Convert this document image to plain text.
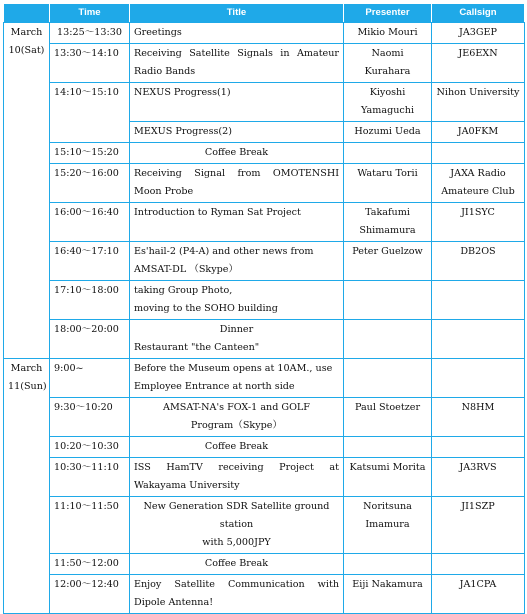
	Time	Title	Presenter	Callsign

March
10(Sat)	13:25～13:30	Greetings	Mikio Mouri	JA3GEP
	13:30～14:10	Receiving Satellite Signals in Amateur Radio Bands	Naomi Kurahara	JE6EXN
	14:10～15:10	NEXUS Progress(1)	Kiyoshi Yamaguchi	Nihon University
		MEXUS Progress(2)	Hozumi Ueda	JA0FKM
	15:10～15:20	Coffee Break		
	15:20～16:00	Receiving Signal from OMOTENSHI Moon Probe	Wataru Torii	JAXA Radio Amateure Club
	16:00～16:40	Introduction to Ryman Sat Project	Takafumi Shimamura	JI1SYC
	16:40～17:10	Es'hail-2 (P4-A) and other news from AMSAT-DL （Skype）	Peter Guelzow	DB2OS
	17:10～18:00	taking Group Photo,
moving to the SOHO building		

	18:00～20:00	Dinner
Restaurant "the Canteen"		

March
11(Sun)	9:00~	Before the Museum opens at 10AM., use Employee Entrance at north side		
	9:30～10:20	AMSAT-NA's FOX-1 and GOLF
Program（Skype）	Paul Stoetzer	N8HM
	10:20～10:30	Coffee Break		
	10:30～11:10	ISS HamTV receiving Project at Wakayama University	Katsumi Morita	JA3RVS
	11:10～11:50	New Generation SDR Satellite ground station
with 5,000JPY	Noritsuna Imamura	JI1SZP
	11:50～12:00	Coffee Break		
	12:00～12:40	Enjoy Satellite Communication with Dipole Antenna!	Eiji Nakamura	JA1CPA
